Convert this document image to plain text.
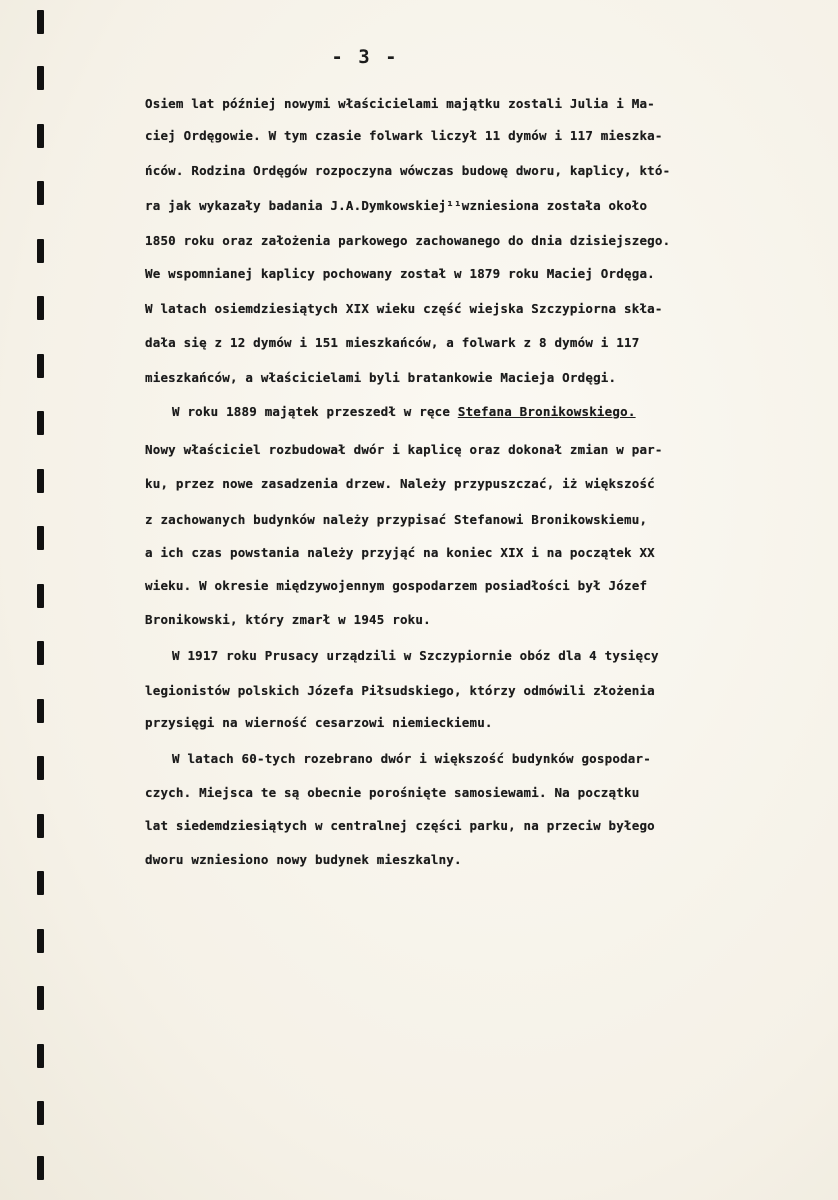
- 3 -
Osiem lat później nowymi właścicielami majątku zostali Julia i Ma-
ciej Ordęgowie. W tym czasie folwark liczył 11 dymów i 117 mieszka-
ńców. Rodzina Ordęgów rozpoczyna wówczas budowę dworu, kaplicy, któ-
ra jak wykazały badania J.A.Dymkowskiej¹¹wzniesiona została około
1850 roku oraz założenia parkowego zachowanego do dnia dzisiejszego.
We wspomnianej kaplicy pochowany został w 1879 roku Maciej Ordęga.
W latach osiemdziesiątych XIX wieku część wiejska Szczypiorna skła-
dała się z 12 dymów i 151 mieszkańców, a folwark z 8 dymów i 117
mieszkańców, a właścicielami byli bratankowie Macieja Ordęgi.
W roku 1889 majątek przeszedł w ręce Stefana Bronikowskiego.
Nowy właściciel rozbudował dwór i kaplicę oraz dokonał zmian w par-
ku, przez nowe zasadzenia drzew. Należy przypuszczać, iż większość
z zachowanych budynków należy przypisać Stefanowi Bronikowskiemu,
a ich czas powstania należy przyjąć na koniec XIX i na początek XX
wieku. W okresie międzywojennym gospodarzem posiadłości był Józef
Bronikowski, który zmarł w 1945 roku.
W 1917 roku Prusacy urządzili w Szczypiornie obóz dla 4 tysięcy
legionistów polskich Józefa Piłsudskiego, którzy odmówili złożenia
przysięgi na wierność cesarzowi niemieckiemu.
W latach 60-tych rozebrano dwór i większość budynków gospodar-
czych. Miejsca te są obecnie porośnięte samosiewami. Na początku
lat siedemdziesiątych w centralnej części parku, na przeciw byłego
dworu wzniesiono nowy budynek mieszkalny.
